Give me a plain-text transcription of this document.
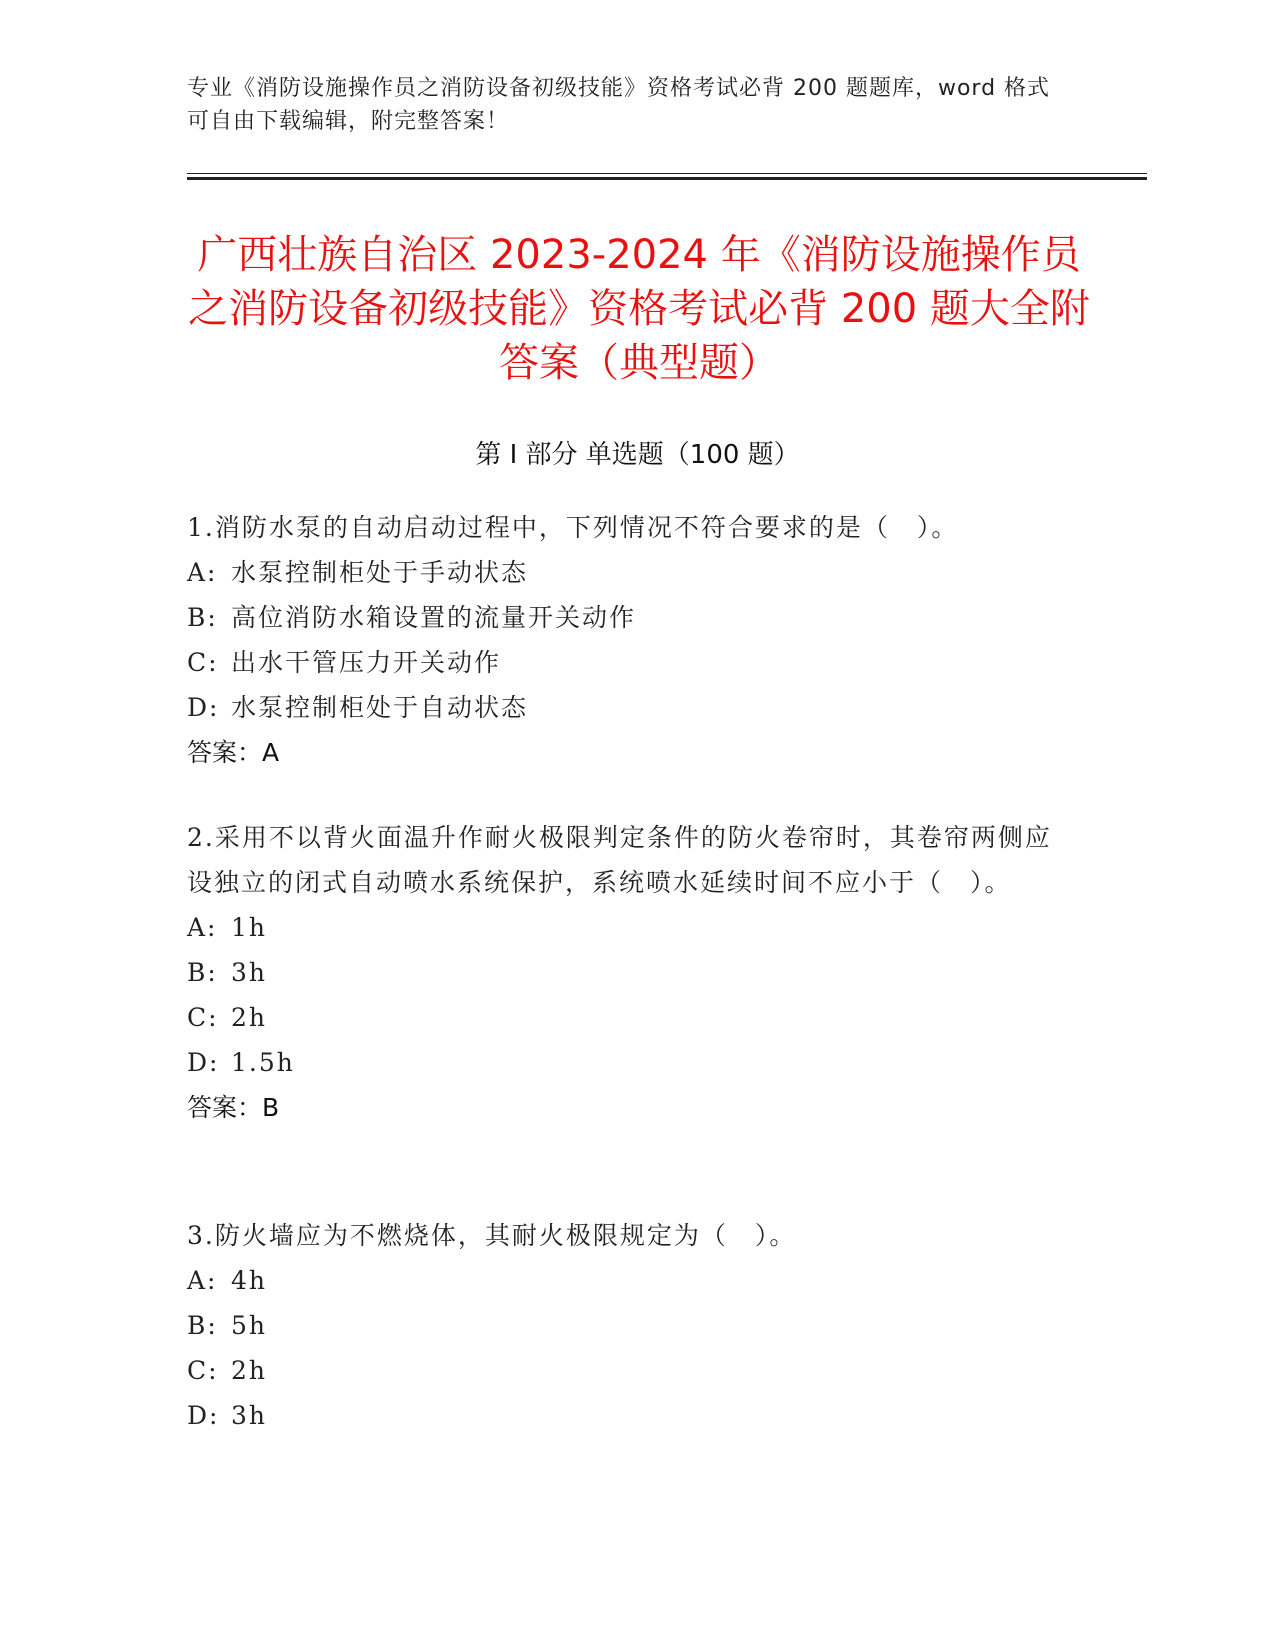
专业《消防设施操作员之消防设备初级技能》资格考试必背 200 题题库，word 格式可自由下载编辑，附完整答案！
广西壮族自治区 2023-2024 年《消防设施操作员之消防设备初级技能》资格考试必背 200 题大全附答案（典型题）
第 I 部分 单选题（100 题）
1.消防水泵的自动启动过程中，下列情况不符合要求的是（　）。
A: 水泵控制柜处于手动状态
B: 高位消防水箱设置的流量开关动作
C: 出水干管压力开关动作
D: 水泵控制柜处于自动状态
答案：A
2.采用不以背火面温升作耐火极限判定条件的防火卷帘时，其卷帘两侧应设独立的闭式自动喷水系统保护，系统喷水延续时间不应小于（　）。
A: 1h
B: 3h
C: 2h
D: 1.5h
答案：B
3.防火墙应为不燃烧体，其耐火极限规定为（　）。
A: 4h
B: 5h
C: 2h
D: 3h
